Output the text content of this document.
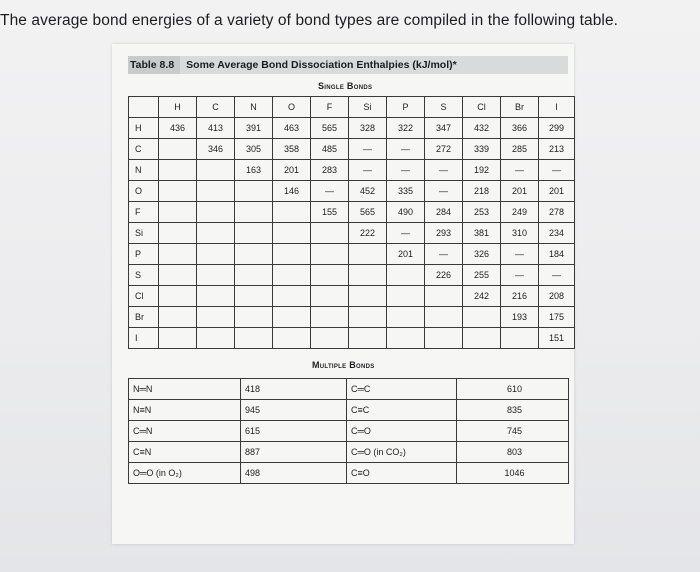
The average bond energies of a variety of bond types are compiled in the following table.
Table 8.8	Some Average Bond Dissociation Enthalpies (kJ/mol)*
Single Bonds
	H	C	N	O	F	Si	P	S	Cl	Br	I
H	436	413	391	463	565	328	322	347	432	366	299
C		346	305	358	485	—	—	272	339	285	213
N			163	201	283	—	—	—	192	—	—
O				146	—	452	335	—	218	201	201
F					155	565	490	284	253	249	278
Si						222	—	293	381	310	234
P							201	—	326	—	184
S								226	255	—	—
Cl									242	216	208
Br										193	175
I											151
Multiple Bonds
N═N	418	C═C	610
N≡N	945	C≡C	835
C═N	615	C═O	745
C≡N	887	C═O (in CO₂)	803
O═O (in O₂)	498	C≡O	1046
